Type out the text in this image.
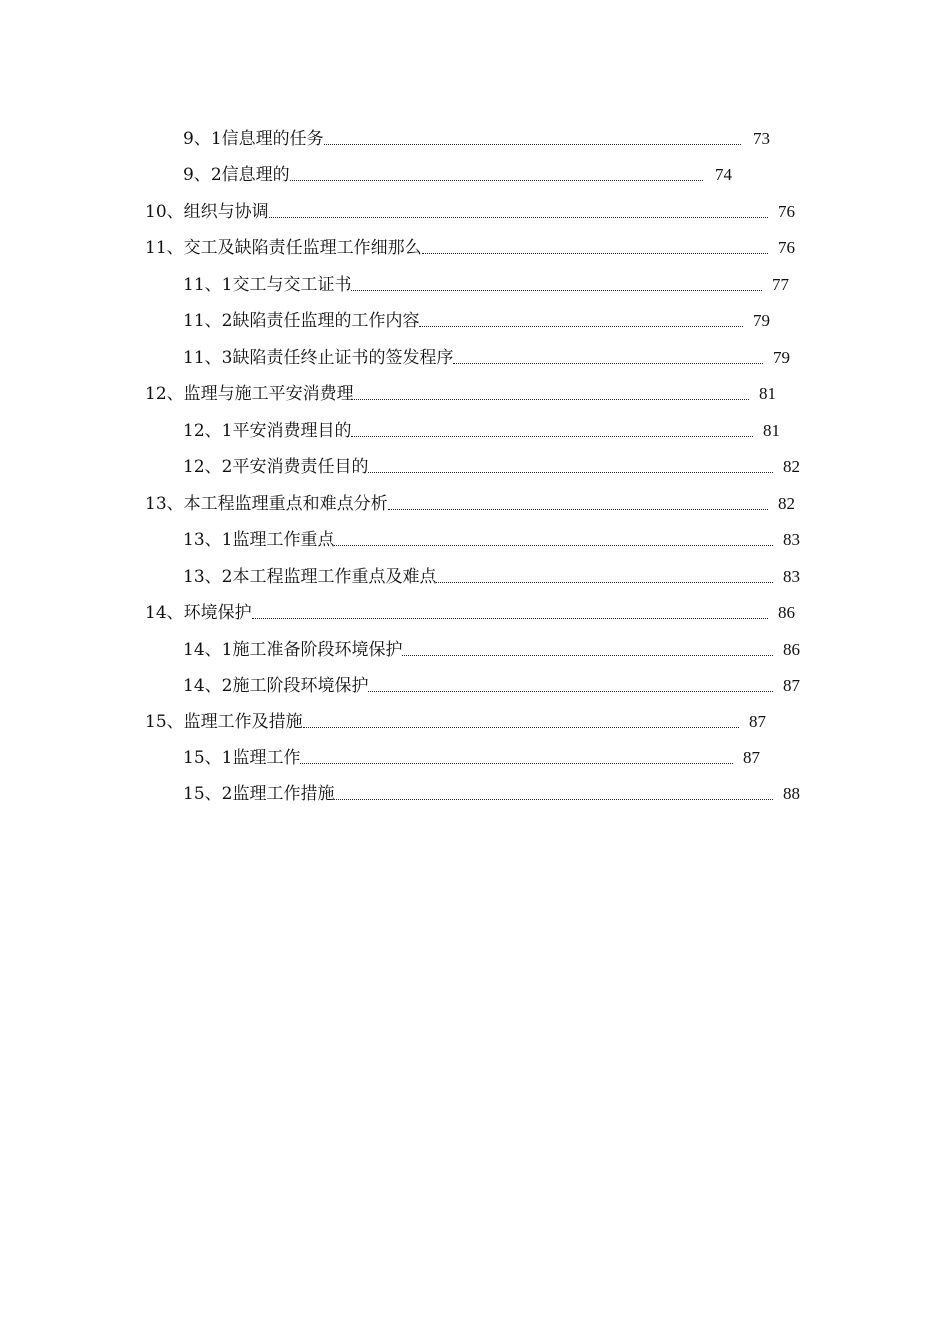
9、1信息理的任务	73
9、2信息理的	74
10、组织与协调	76
11、交工及缺陷责任监理工作细那么	76
11、1交工与交工证书	77
11、2缺陷责任监理的工作内容	79
11、3缺陷责任终止证书的签发程序	79
12、监理与施工平安消费理	81
12、1平安消费理目的	81
12、2平安消费责任目的	82
13、本工程监理重点和难点分析	82
13、1监理工作重点	83
13、2本工程监理工作重点及难点	83
14、环境保护	86
14、1施工准备阶段环境保护	86
14、2施工阶段环境保护	87
15、监理工作及措施	87
15、1监理工作	87
15、2监理工作措施	88
